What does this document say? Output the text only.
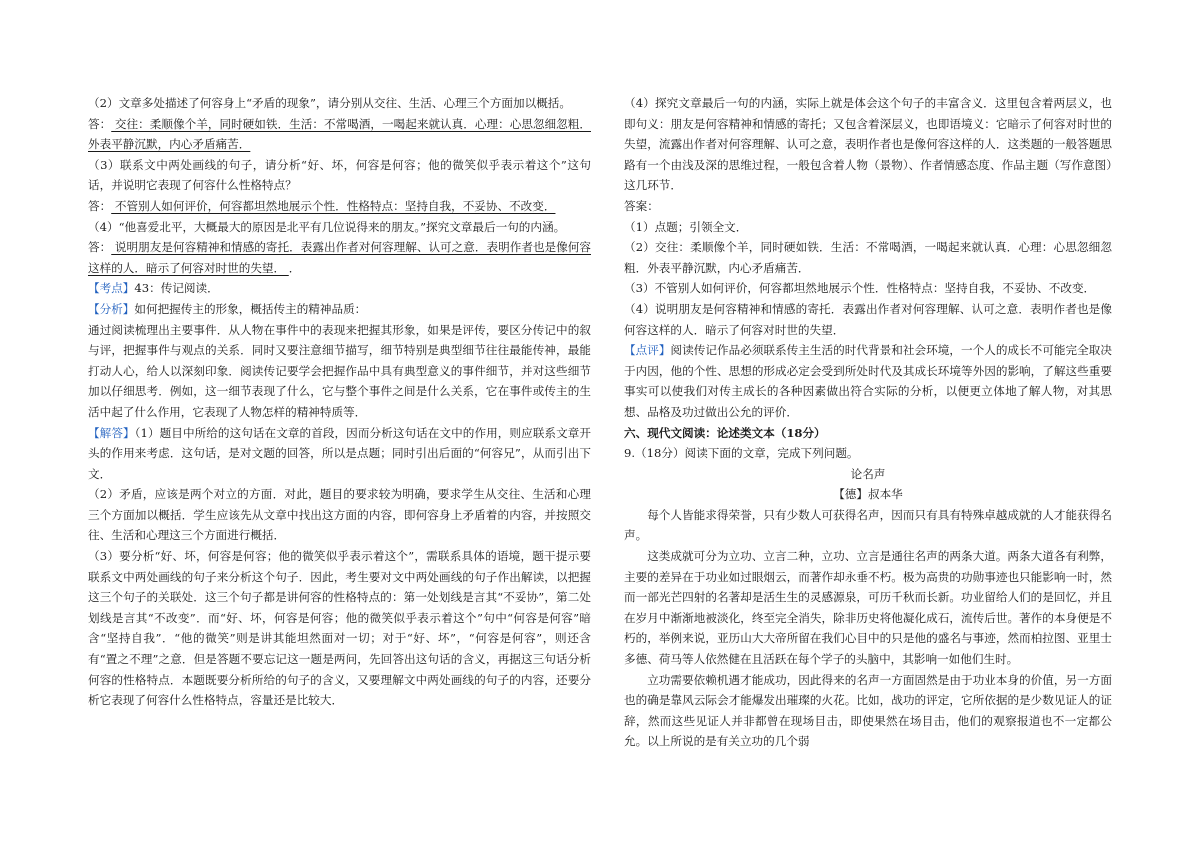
（2）文章多处描述了何容身上“矛盾的现象”，请分别从交往、生活、心理三个方面加以概括。

答： 交往：柔顺像个羊，同时硬如铁．生活：不常喝酒，一喝起来就认真．心理：心思忽细忽粗．外表平静沉默，内心矛盾痛苦．

（3）联系文中两处画线的句子，请分析“好、坏，何容是何容；他的微笑似乎表示着这个”这句话，并说明它表现了何容什么性格特点？

答： 不管别人如何评价，何容都坦然地展示个性．性格特点：坚持自我，不妥协、不改变．

（4）“他喜爱北平，大概最大的原因是北平有几位说得来的朋友。”探究文章最后一句的内涵。

答： 说明朋友是何容精神和情感的寄托．表露出作者对何容理解、认可之意．表明作者也是像何容这样的人．暗示了何容对时世的失望． ．

【考点】43：传记阅读．

【分析】如何把握传主的形象，概括传主的精神品质：

通过阅读梳理出主要事件．从人物在事件中的表现来把握其形象，如果是评传，要区分传记中的叙与评，把握事件与观点的关系．同时又要注意细节描写，细节特别是典型细节往往最能传神，最能打动人心，给人以深刻印象．阅读传记要学会把握作品中具有典型意义的事件细节，并对这些细节加以仔细思考．例如，这一细节表现了什么，它与整个事件之间是什么关系，它在事件或传主的生活中起了什么作用，它表现了人物怎样的精神特质等．

【解答】（1）题目中所给的这句话在文章的首段，因而分析这句话在文中的作用，则应联系文章开头的作用来考虑．这句话，是对文题的回答，所以是点题；同时引出后面的“何容兄”，从而引出下文．

（2）矛盾，应该是两个对立的方面．对此，题目的要求较为明确，要求学生从交往、生活和心理三个方面加以概括．学生应该先从文章中找出这方面的内容，即何容身上矛盾着的内容，并按照交往、生活和心理这三个方面进行概括．

（3）要分析“好、坏，何容是何容；他的微笑似乎表示着这个”，需联系具体的语境，题干提示要联系文中两处画线的句子来分析这个句子．因此，考生要对文中两处画线的句子作出解读，以把握这三个句子的关联处．这三个句子都是讲何容的性格特点的：第一处划线是言其“不妥协”，第二处划线是言其“不改变”．而“好、坏，何容是何容；他的微笑似乎表示着这个”句中“何容是何容”暗含“坚持自我”．“他的微笑”则是讲其能坦然面对一切；对于“好、坏”，“何容是何容”，则还含有“置之不理”之意．但是答题不要忘记这一题是两问，先回答出这句话的含义，再据这三句话分析何容的性格特点．本题既要分析所给的句子的含义，又要理解文中两处画线的句子的内容，还要分析它表现了何容什么性格特点，容量还是比较大．

（4）探究文章最后一句的内涵，实际上就是体会这个句子的丰富含义．这里包含着两层义，也即句义：朋友是何容精神和情感的寄托；又包含着深层义，也即语境义：它暗示了何容对时世的失望，流露出作者对何容理解、认可之意，表明作者也是像何容这样的人．这类题的一般答题思路有一个由浅及深的思维过程，一般包含着人物（景物）、作者情感态度、作品主题（写作意图）这几环节．

答案：

（1）点题；引领全文．

（2）交往：柔顺像个羊，同时硬如铁．生活：不常喝酒，一喝起来就认真．心理：心思忽细忽粗．外表平静沉默，内心矛盾痛苦．

（3）不管别人如何评价，何容都坦然地展示个性．性格特点：坚持自我，不妥协、不改变．

（4）说明朋友是何容精神和情感的寄托．表露出作者对何容理解、认可之意．表明作者也是像何容这样的人．暗示了何容对时世的失望．

【点评】阅读传记作品必须联系传主生活的时代背景和社会环境，一个人的成长不可能完全取决于内因，他的个性、思想的形成必定会受到所处时代及其成长环境等外因的影响，了解这些重要事实可以使我们对传主成长的各种因素做出符合实际的分析，以便更立体地了解人物，对其思想、品格及功过做出公允的评价．

六、现代文阅读：论述类文本（18分）

9.（18分）阅读下面的文章，完成下列问题。

论名声

【德】叔本华

每个人皆能求得荣誉，只有少数人可获得名声，因而只有具有特殊卓越成就的人才能获得名声。

这类成就可分为立功、立言二种，立功、立言是通往名声的两条大道。两条大道各有利弊，主要的差异在于功业如过眼烟云，而著作却永垂不朽。极为高贵的功勋事迹也只能影响一时，然而一部光芒四射的名著却是活生生的灵感源泉，可历千秋而长新。功业留给人们的是回忆，并且在岁月中渐渐地被淡化，终至完全消失，除非历史将他凝化成石，流传后世。著作的本身便是不朽的，举例来说，亚历山大大帝所留在我们心目中的只是他的盛名与事迹，然而柏拉图、亚里士多德、荷马等人依然健在且活跃在每个学子的头脑中，其影响一如他们生时。

立功需要依赖机遇才能成功，因此得来的名声一方面固然是由于功业本身的价值，另一方面也的确是靠风云际会才能爆发出璀璨的火花。比如，战功的评定，它所依据的是少数见证人的证辞，然而这些见证人并非都曾在现场目击，即使果然在场目击，他们的观察报道也不一定都公允。以上所说的是有关立功的几个弱
